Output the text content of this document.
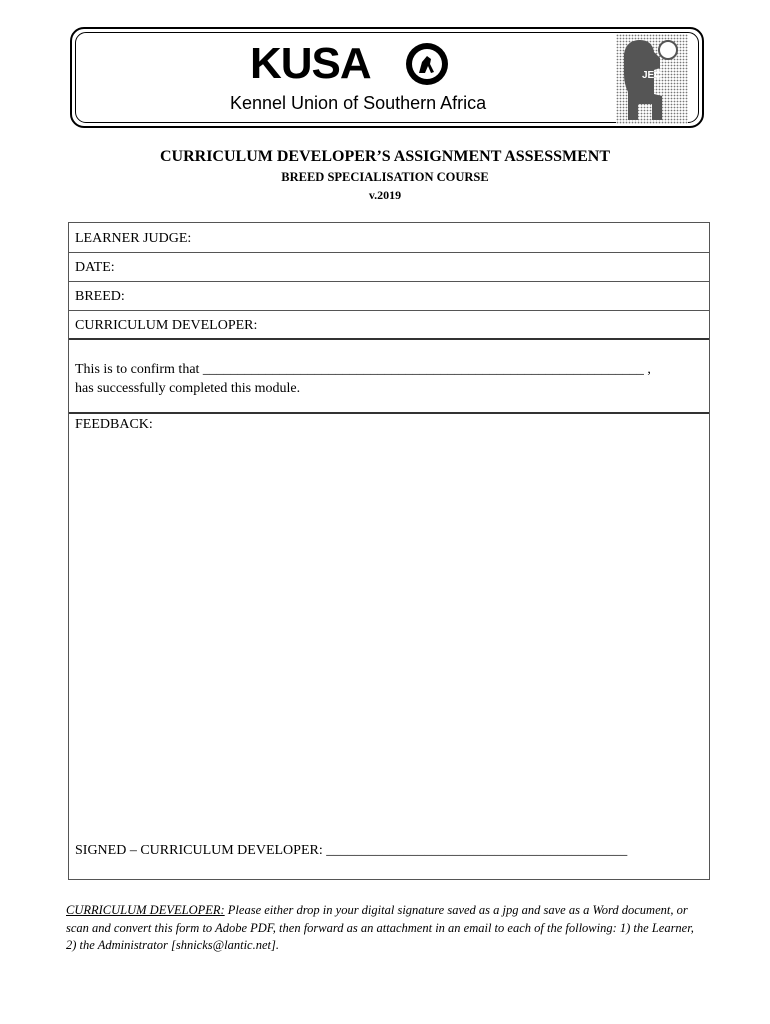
KUSA
Kennel Union of Southern Africa
JEC
CURRICULUM DEVELOPER’S ASSIGNMENT ASSESSMENT
BREED SPECIALISATION COURSE
v.2019
LEARNER JUDGE:
DATE:
BREED:
CURRICULUM DEVELOPER:
This is to confirm that _______________________________________________________________ ,
has successfully completed this module.
FEEDBACK:
SIGNED – CURRICULUM DEVELOPER: ___________________________________________
CURRICULUM DEVELOPER: Please either drop in your digital signature saved as a jpg and save as a Word document, or scan and convert this form to Adobe PDF, then forward as an attachment in an email to each of the following: 1) the Learner, 2) the Administrator [shnicks@lantic.net].
